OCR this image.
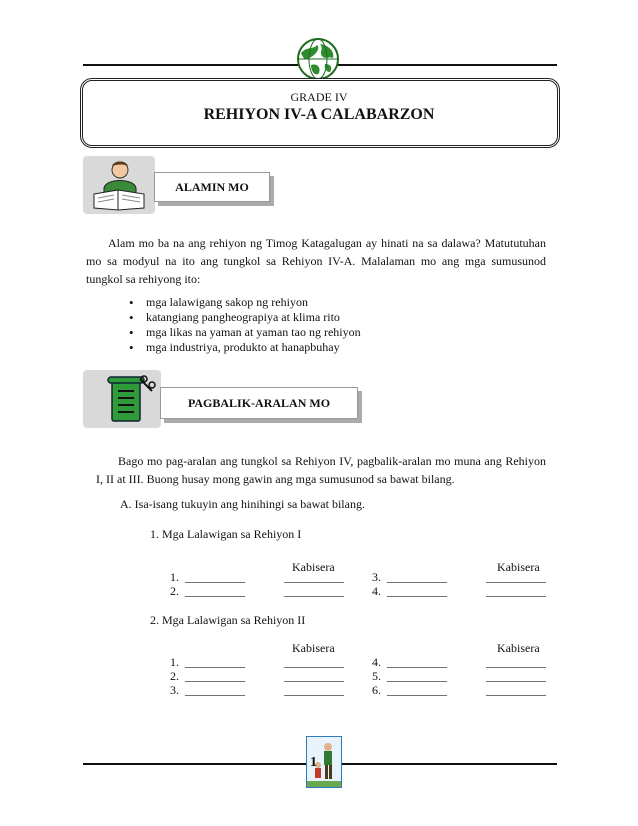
GRADE IV
REHIYON IV-A CALABARZON
ALAMIN MO
Alam mo ba na ang rehiyon ng Timog Katagalugan ay hinati na sa dalawa? Matututuhan mo sa modyul na ito ang tungkol sa Rehiyon IV-A. Malalaman mo ang mga sumusunod tungkol sa rehiyong ito:
• mga lalawigang sakop ng rehiyon
• katangiang pangheograpiya at klima rito
• mga likas na yaman at yaman tao ng rehiyon
• mga industriya, produkto at hanapbuhay
PAGBALIK-ARALAN MO
Bago mo pag-aralan ang tungkol sa Rehiyon IV, pagbalik-aralan mo muna ang Rehiyon I, II at III. Buong husay mong gawin ang mga sumusunod sa bawat bilang.
A. Isa-isang tukuyin ang hinihingi sa bawat bilang.
1. Mga Lalawigan sa Rehiyon I
Kabisera	Kabisera
1. __________	__________ 3. __________	__________
2. __________	__________ 4. __________	__________
2. Mga Lalawigan sa Rehiyon II
Kabisera	Kabisera
1. __________	__________ 4. __________	__________
2. __________	__________ 5. __________	__________
3. __________	__________ 6. __________	__________
1
